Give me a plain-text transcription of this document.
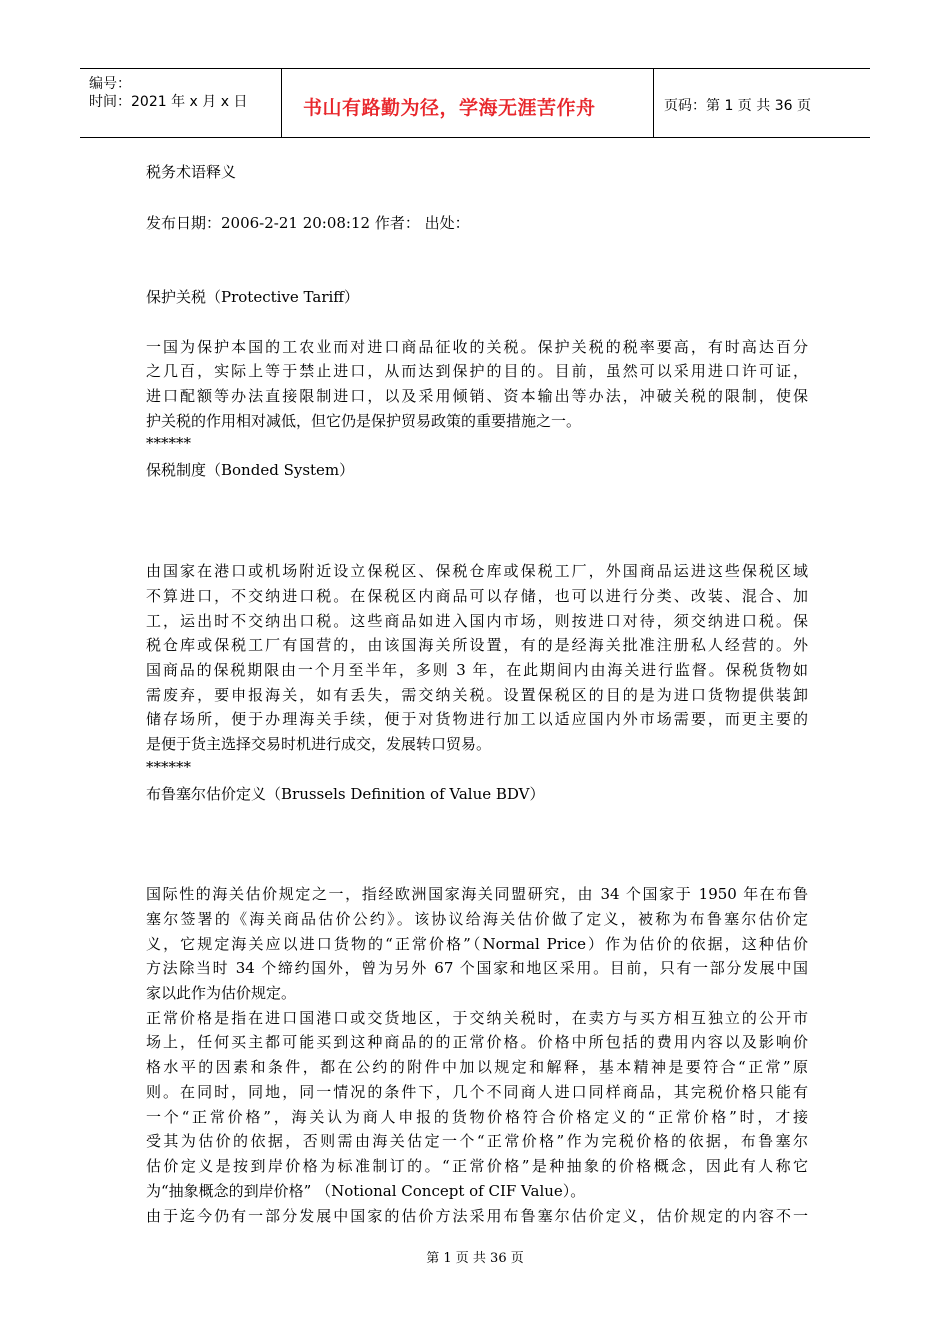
编号：
时间：2021 年 x 月 x 日	书山有路勤为径，学海无涯苦作舟	页码：第 1 页 共 36 页
税务术语释义
发布日期：2006-2-21 20:08:12 作者： 出处：
保护关税（Protective Tariff）
一国为保护本国的工农业而对进口商品征收的关税。保护关税的税率要高，有时高达百分
之几百，实际上等于禁止进口，从而达到保护的目的。目前，虽然可以采用进口许可证，
进口配额等办法直接限制进口，以及采用倾销、资本输出等办法，冲破关税的限制，使保
护关税的作用相对减低，但它仍是保护贸易政策的重要措施之一。
******
保税制度（Bonded System）
由国家在港口或机场附近设立保税区、保税仓库或保税工厂，外国商品运进这些保税区域
不算进口，不交纳进口税。在保税区内商品可以存储，也可以进行分类、改装、混合、加
工，运出时不交纳出口税。这些商品如进入国内市场，则按进口对待，须交纳进口税。保
税仓库或保税工厂有国营的，由该国海关所设置，有的是经海关批准注册私人经营的。外
国商品的保税期限由一个月至半年，多则 3 年，在此期间内由海关进行监督。保税货物如
需废弃，要申报海关，如有丢失，需交纳关税。设置保税区的目的是为进口货物提供装卸
储存场所，便于办理海关手续，便于对货物进行加工以适应国内外市场需要，而更主要的
是便于货主选择交易时机进行成交，发展转口贸易。
******
布鲁塞尔估价定义（Brussels Definition of Value BDV）
国际性的海关估价规定之一，指经欧洲国家海关同盟研究，由 34 个国家于 1950 年在布鲁
塞尔签署的《海关商品估价公约》。该协议给海关估价做了定义，被称为布鲁塞尔估价定
义，它规定海关应以进口货物的“正常价格”（Normal Price）作为估价的依据，这种估价
方法除当时 34 个缔约国外，曾为另外 67 个国家和地区采用。目前，只有一部分发展中国
家以此作为估价规定。
正常价格是指在进口国港口或交货地区，于交纳关税时，在卖方与买方相互独立的公开市
场上，任何买主都可能买到这种商品的的正常价格。价格中所包括的费用内容以及影响价
格水平的因素和条件，都在公约的附件中加以规定和解释，基本精神是要符合“正常”原
则。在同时，同地，同一情况的条件下，几个不同商人进口同样商品，其完税价格只能有
一个“正常价格”，海关认为商人申报的货物价格符合价格定义的“正常价格”时，才接
受其为估价的依据，否则需由海关估定一个“正常价格”作为完税价格的依据，布鲁塞尔
估价定义是按到岸价格为标准制订的。“正常价格”是种抽象的价格概念，因此有人称它
为“抽象概念的到岸价格” （Notional Concept of CIF Value）。
由于迄今仍有一部分发展中国家的估价方法采用布鲁塞尔估价定义，估价规定的内容不一
第 1 页 共 36 页
